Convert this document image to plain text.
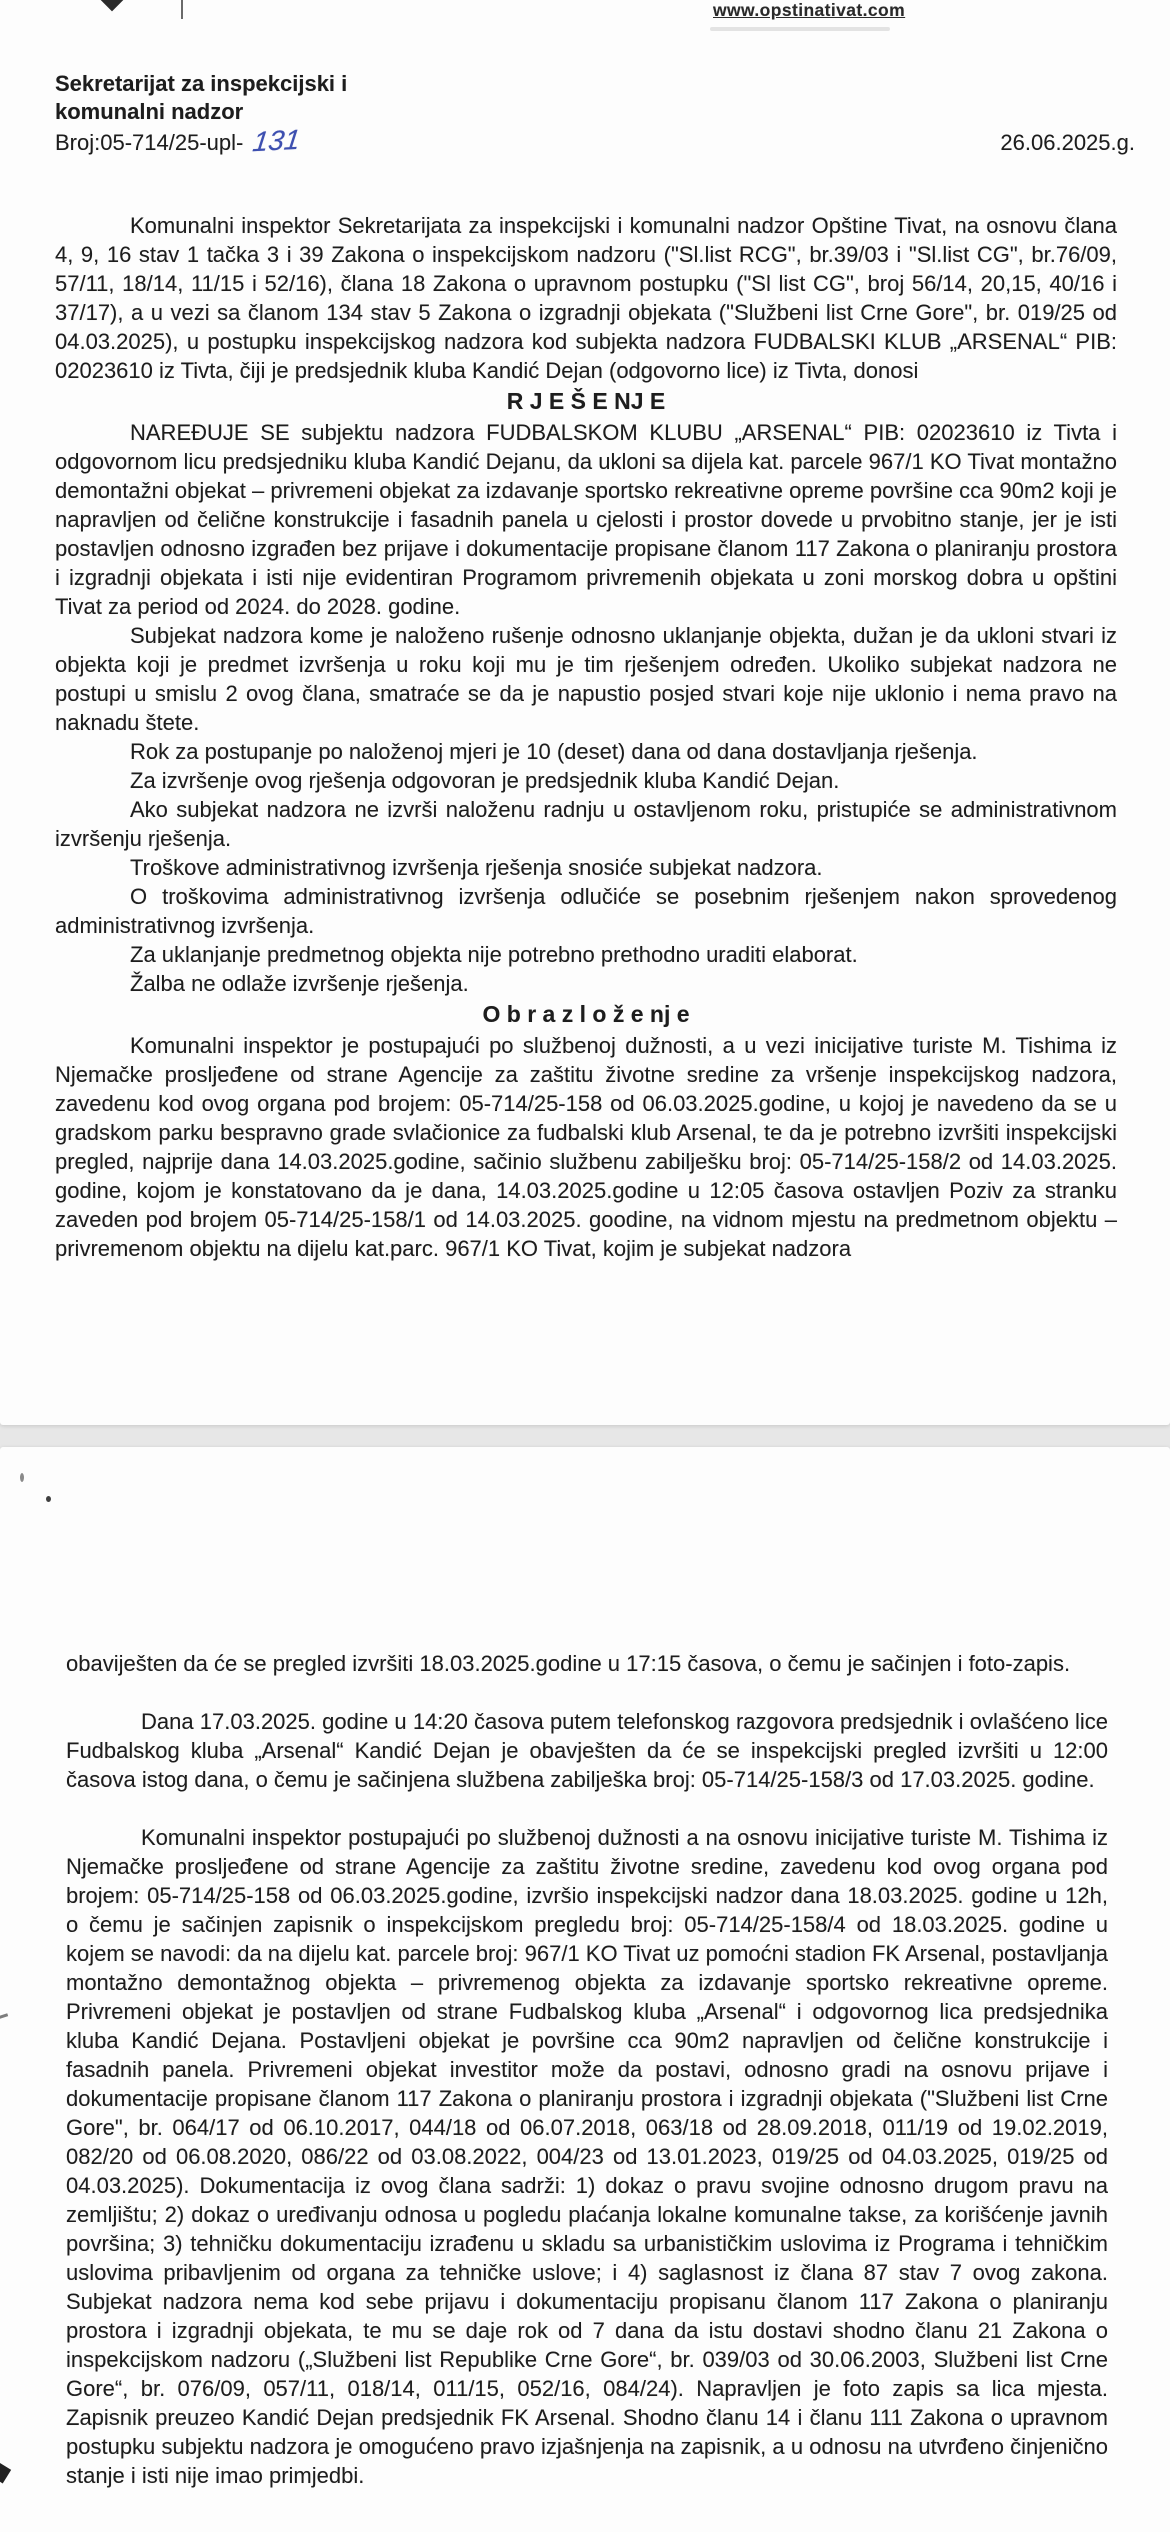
www.opstinativat.com
Sekretarijat za inspekcijski i
komunalni nadzor
Broj:05-714/25-upl- 131	26.06.2025.g.

Komunalni inspektor Sekretarijata za inspekcijski i komunalni nadzor Opštine Tivat, na osnovu člana 4, 9, 16 stav 1 tačka 3 i 39 Zakona o inspekcijskom nadzoru ("Sl.list RCG", br.39/03 i "Sl.list CG", br.76/09, 57/11, 18/14, 11/15 i 52/16), člana 18 Zakona o upravnom postupku ("Sl list CG", broj 56/14, 20,15, 40/16 i 37/17), a u vezi sa članom 134 stav 5 Zakona o izgradnji objekata ("Službeni list Crne Gore", br. 019/25 od 04.03.2025), u postupku inspekcijskog nadzora kod subjekta nadzora FUDBALSKI KLUB „ARSENAL“ PIB: 02023610 iz Tivta, čiji je predsjednik kluba Kandić Dejan (odgovorno lice) iz Tivta, donosi

R J E Š E NJ E

NAREĐUJE SE subjektu nadzora FUDBALSKOM KLUBU „ARSENAL“ PIB: 02023610 iz Tivta i odgovornom licu predsjedniku kluba Kandić Dejanu, da ukloni sa dijela kat. parcele 967/1 KO Tivat montažno demontažni objekat – privremeni objekat za izdavanje sportsko rekreativne opreme površine cca 90m2 koji je napravljen od čelične konstrukcije i fasadnih panela u cjelosti i prostor dovede u prvobitno stanje, jer je isti postavljen odnosno izgrađen bez prijave i dokumentacije propisane članom 117 Zakona o planiranju prostora i izgradnji objekata i isti nije evidentiran Programom privremenih objekata u zoni morskog dobra u opštini Tivat za period od 2024. do 2028. godine.

Subjekat nadzora kome je naloženo rušenje odnosno uklanjanje objekta, dužan je da ukloni stvari iz objekta koji je predmet izvršenja u roku koji mu je tim rješenjem određen. Ukoliko subjekat nadzora ne postupi u smislu 2 ovog člana, smatraće se da je napustio posjed stvari koje nije uklonio i nema pravo na naknadu štete.

Rok za postupanje po naloženoj mjeri je 10 (deset) dana od dana dostavljanja rješenja.

Za izvršenje ovog rješenja odgovoran je predsjednik kluba Kandić Dejan.

Ako subjekat nadzora ne izvrši naloženu radnju u ostavljenom roku, pristupiće se administrativnom izvršenju rješenja.

Troškove administrativnog izvršenja rješenja snosiće subjekat nadzora.

O troškovima administrativnog izvršenja odlučiće se posebnim rješenjem nakon sprovedenog administrativnog izvršenja.

Za uklanjanje predmetnog objekta nije potrebno prethodno uraditi elaborat.

Žalba ne odlaže izvršenje rješenja.

O b r a z l o ž e nj e

Komunalni inspektor je postupajući po službenoj dužnosti, a u vezi inicijative turiste M. Tishima iz Njemačke prosljeđene od strane Agencije za zaštitu životne sredine za vršenje inspekcijskog nadzora, zavedenu kod ovog organa pod brojem: 05-714/25-158 od 06.03.2025.godine, u kojoj je navedeno da se u gradskom parku bespravno grade svlačionice za fudbalski klub Arsenal, te da je potrebno izvršiti inspekcijski pregled, najprije dana 14.03.2025.godine, sačinio službenu zabilješku broj: 05-714/25-158/2 od 14.03.2025. godine, kojom je konstatovano da je dana, 14.03.2025.godine u 12:05 časova ostavljen Poziv za stranku zaveden pod brojem 05-714/25-158/1 od 14.03.2025. goodine, na vidnom mjestu na predmetnom objektu – privremenom objektu na dijelu kat.parc. 967/1 KO Tivat, kojim je subjekat nadzora

obaviješten da će se pregled izvršiti 18.03.2025.godine u 17:15 časova, o čemu je sačinjen i foto-zapis.

Dana 17.03.2025. godine u 14:20 časova putem telefonskog razgovora predsjednik i ovlašćeno lice Fudbalskog kluba „Arsenal“ Kandić Dejan je obavješten da će se inspekcijski pregled izvršiti u 12:00 časova istog dana, o čemu je sačinjena službena zabilješka broj: 05-714/25-158/3 od 17.03.2025. godine.

Komunalni inspektor postupajući po službenoj dužnosti a na osnovu inicijative turiste M. Tishima iz Njemačke prosljeđene od strane Agencije za zaštitu životne sredine, zavedenu kod ovog organa pod brojem: 05-714/25-158 od 06.03.2025.godine, izvršio inspekcijski nadzor dana 18.03.2025. godine u 12h, o čemu je sačinjen zapisnik o inspekcijskom pregledu broj: 05-714/25-158/4 od 18.03.2025. godine u kojem se navodi: da na dijelu kat. parcele broj: 967/1 KO Tivat uz pomoćni stadion FK Arsenal, postavljanja montažno demontažnog objekta – privremenog objekta za izdavanje sportsko rekreativne opreme. Privremeni objekat je postavljen od strane Fudbalskog kluba „Arsenal“ i odgovornog lica predsjednika kluba Kandić Dejana. Postavljeni objekat je površine cca 90m2 napravljen od čelične konstrukcije i fasadnih panela. Privremeni objekat investitor može da postavi, odnosno gradi na osnovu prijave i dokumentacije propisane članom 117 Zakona o planiranju prostora i izgradnji objekata ("Službeni list Crne Gore", br. 064/17 od 06.10.2017, 044/18 od 06.07.2018, 063/18 od 28.09.2018, 011/19 od 19.02.2019, 082/20 od 06.08.2020, 086/22 od 03.08.2022, 004/23 od 13.01.2023, 019/25 od 04.03.2025, 019/25 od 04.03.2025). Dokumentacija iz ovog člana sadrži: 1) dokaz o pravu svojine odnosno drugom pravu na zemljištu; 2) dokaz o uređivanju odnosa u pogledu plaćanja lokalne komunalne takse, za korišćenje javnih površina; 3) tehničku dokumentaciju izrađenu u skladu sa urbanističkim uslovima iz Programa i tehničkim uslovima pribavljenim od organa za tehničke uslove; i 4) saglasnost iz člana 87 stav 7 ovog zakona. Subjekat nadzora nema kod sebe prijavu i dokumentaciju propisanu članom 117 Zakona o planiranju prostora i izgradnji objekata, te mu se daje rok od 7 dana da istu dostavi shodno članu 21 Zakona o inspekcijskom nadzoru („Službeni list Republike Crne Gore“, br. 039/03 od 30.06.2003, Službeni list Crne Gore“, br. 076/09, 057/11, 018/14, 011/15, 052/16, 084/24). Napravljen je foto zapis sa lica mjesta. Zapisnik preuzeo Kandić Dejan predsjednik FK Arsenal. Shodno članu 14 i članu 111 Zakona o upravnom postupku subjektu nadzora je omogućeno pravo izjašnjenja na zapisnik, a u odnosu na utvrđeno činjenično stanje i isti nije imao primjedbi.
